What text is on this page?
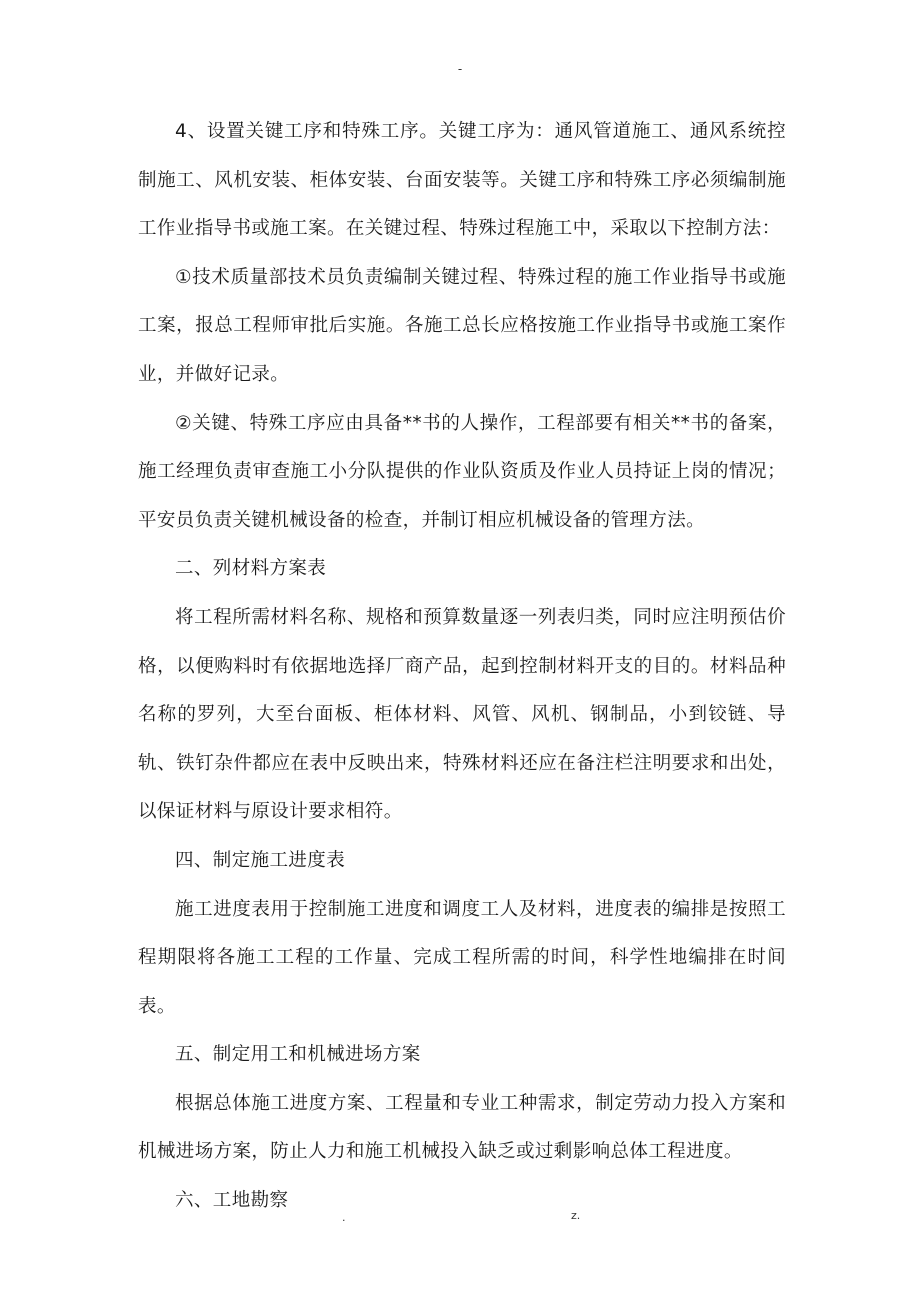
-

4、设置关键工序和特殊工序。关键工序为：通风管道施工、通风系统控制施工、风机安装、柜体安装、台面安装等。关键工序和特殊工序必须编制施工作业指导书或施工案。在关键过程、特殊过程施工中，采取以下控制方法：

①技术质量部技术员负责编制关键过程、特殊过程的施工作业指导书或施工案，报总工程师审批后实施。各施工总长应格按施工作业指导书或施工案作业，并做好记录。

②关键、特殊工序应由具备**书的人操作，工程部要有相关**书的备案，施工经理负责审查施工小分队提供的作业队资质及作业人员持证上岗的情况；平安员负责关键机械设备的检查，并制订相应机械设备的管理方法。

二、列材料方案表

将工程所需材料名称、规格和预算数量逐一列表归类，同时应注明预估价格，以便购料时有依据地选择厂商产品，起到控制材料开支的目的。材料品种名称的罗列，大至台面板、柜体材料、风管、风机、钢制品，小到铰链、导轨、铁钉杂件都应在表中反映出来，特殊材料还应在备注栏注明要求和出处，以保证材料与原设计要求相符。

四、制定施工进度表

施工进度表用于控制施工进度和调度工人及材料，进度表的编排是按照工程期限将各施工工程的工作量、完成工程所需的时间，科学性地编排在时间表。

五、制定用工和机械进场方案

根据总体施工进度方案、工程量和专业工种需求，制定劳动力投入方案和机械进场方案，防止人力和施工机械投入缺乏或过剩影响总体工程进度。

六、工地勘察

.	z.
